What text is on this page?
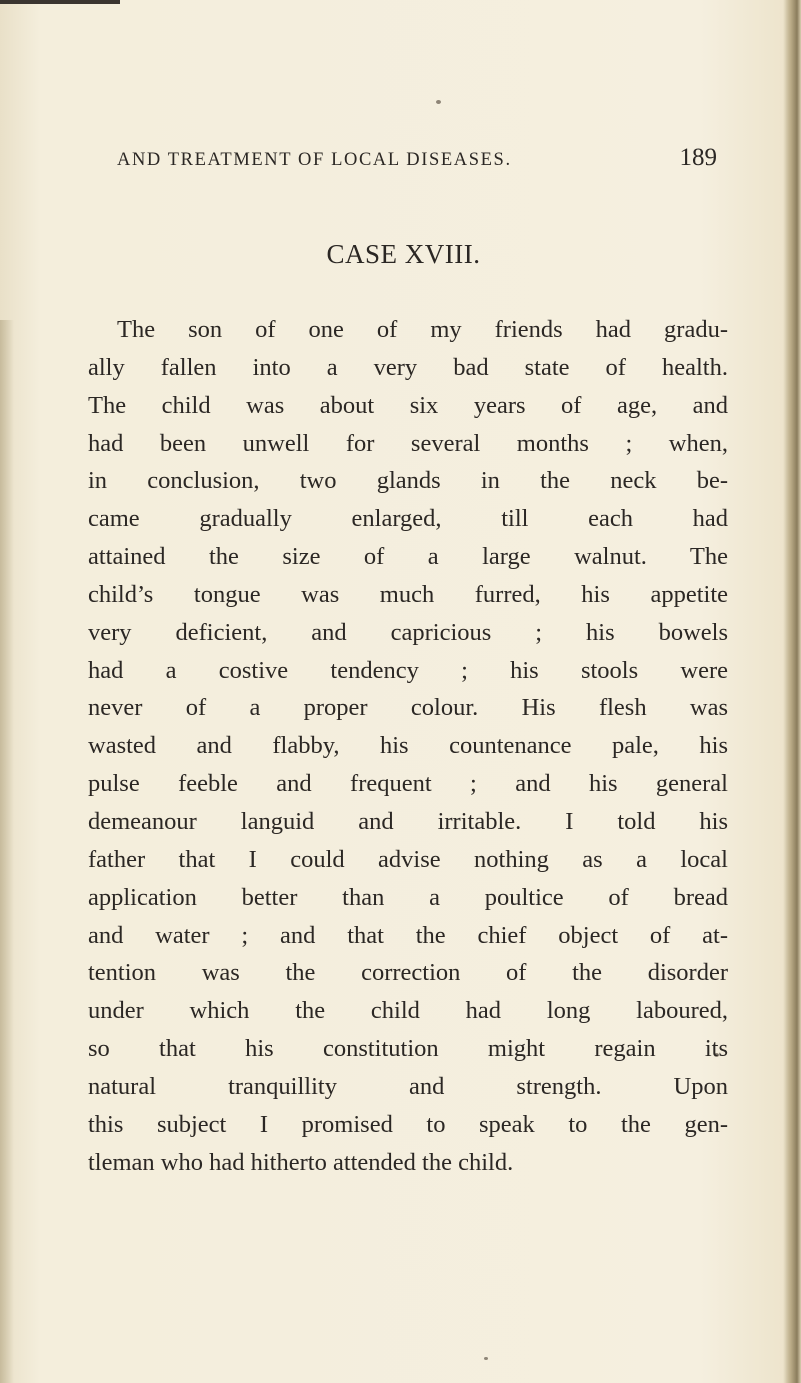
AND TREATMENT OF LOCAL DISEASES.	189
CASE XVIII.
The son of one of my friends had gradu-
ally fallen into a very bad state of health.
The child was about six years of age, and
had been unwell for several months ; when,
in conclusion, two glands in the neck be-
came gradually enlarged, till each had
attained the size of a large walnut. The
child’s tongue was much furred, his appetite
very deficient, and capricious ; his bowels
had a costive tendency ; his stools were
never of a proper colour. His flesh was
wasted and flabby, his countenance pale, his
pulse feeble and frequent ; and his general
demeanour languid and irritable. I told his
father that I could advise nothing as a local
application better than a poultice of bread
and water ; and that the chief object of at-
tention was the correction of the disorder
under which the child had long laboured,
so that his constitution might regain its
natural tranquillity and strength. Upon
this subject I promised to speak to the gen-
tleman who had hitherto attended the child.
